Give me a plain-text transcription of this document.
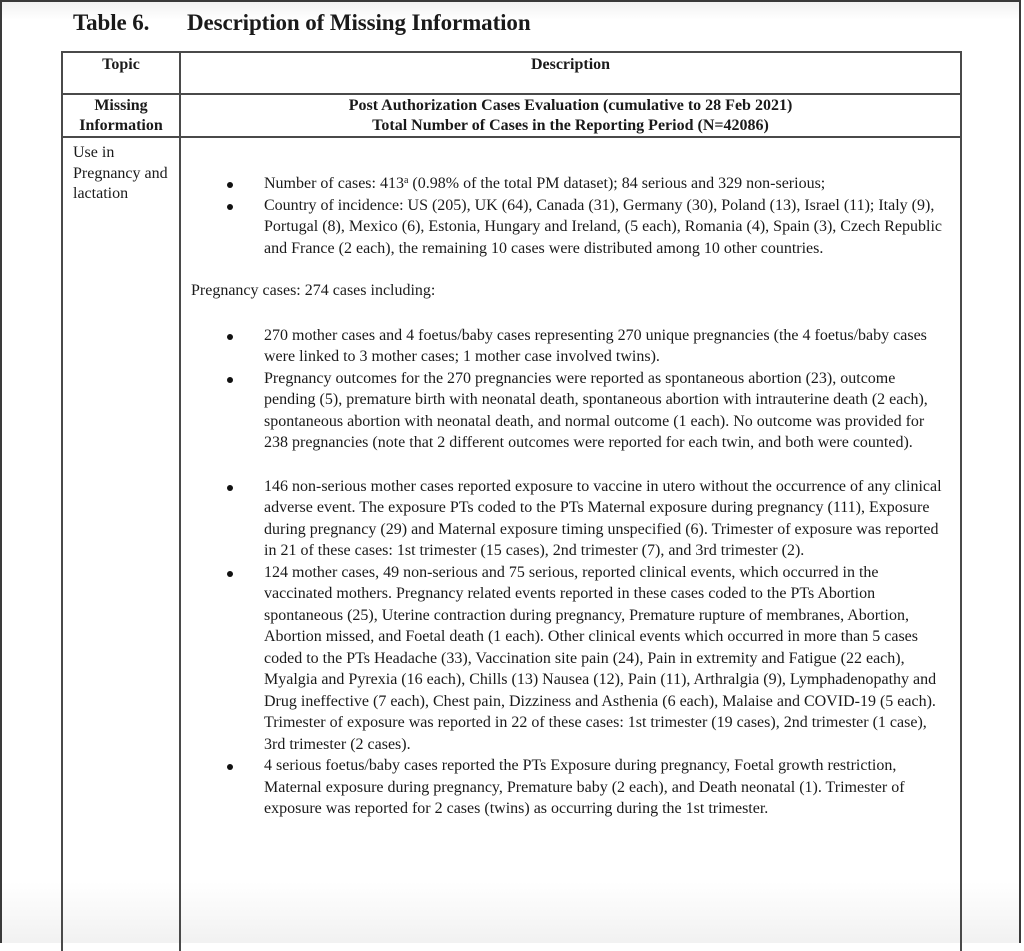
Table 6. Description of Missing Information
Topic	Description
Missing Information
Post Authorization Cases Evaluation (cumulative to 28 Feb 2021)
Total Number of Cases in the Reporting Period (N=42086)
Use in Pregnancy and lactation
Number of cases: 413$^a$ (0.98% of the total PM dataset); 84 serious and 329 non-serious;
Country of incidence: US (205), UK (64), Canada (31), Germany (30), Poland (13), Israel (11); Italy (9), Portugal (8), Mexico (6), Estonia, Hungary and Ireland, (5 each), Romania (4), Spain (3), Czech Republic and France (2 each), the remaining 10 cases were distributed among 10 other countries.

Pregnancy cases: 274 cases including:

270 mother cases and 4 foetus/baby cases representing 270 unique pregnancies (the 4 foetus/baby cases were linked to 3 mother cases; 1 mother case involved twins).
Pregnancy outcomes for the 270 pregnancies were reported as spontaneous abortion (23), outcome pending (5), premature birth with neonatal death, spontaneous abortion with intrauterine death (2 each), spontaneous abortion with neonatal death, and normal outcome (1 each). No outcome was provided for 238 pregnancies (note that 2 different outcomes were reported for each twin, and both were counted).
146 non-serious mother cases reported exposure to vaccine in utero without the occurrence of any clinical adverse event. The exposure PTs coded to the PTs Maternal exposure during pregnancy (111), Exposure during pregnancy (29) and Maternal exposure timing unspecified (6). Trimester of exposure was reported in 21 of these cases: 1st trimester (15 cases), 2nd trimester (7), and 3rd trimester (2).
124 mother cases, 49 non-serious and 75 serious, reported clinical events, which occurred in the vaccinated mothers. Pregnancy related events reported in these cases coded to the PTs Abortion spontaneous (25), Uterine contraction during pregnancy, Premature rupture of membranes, Abortion, Abortion missed, and Foetal death (1 each). Other clinical events which occurred in more than 5 cases coded to the PTs Headache (33), Vaccination site pain (24), Pain in extremity and Fatigue (22 each), Myalgia and Pyrexia (16 each), Chills (13) Nausea (12), Pain (11), Arthralgia (9), Lymphadenopathy and Drug ineffective (7 each), Chest pain, Dizziness and Asthenia (6 each), Malaise and COVID-19 (5 each). Trimester of exposure was reported in 22 of these cases: 1st trimester (19 cases), 2nd trimester (1 case), 3rd trimester (2 cases).
4 serious foetus/baby cases reported the PTs Exposure during pregnancy, Foetal growth restriction, Maternal exposure during pregnancy, Premature baby (2 each), and Death neonatal (1). Trimester of exposure was reported for 2 cases (twins) as occurring during the 1st trimester.
